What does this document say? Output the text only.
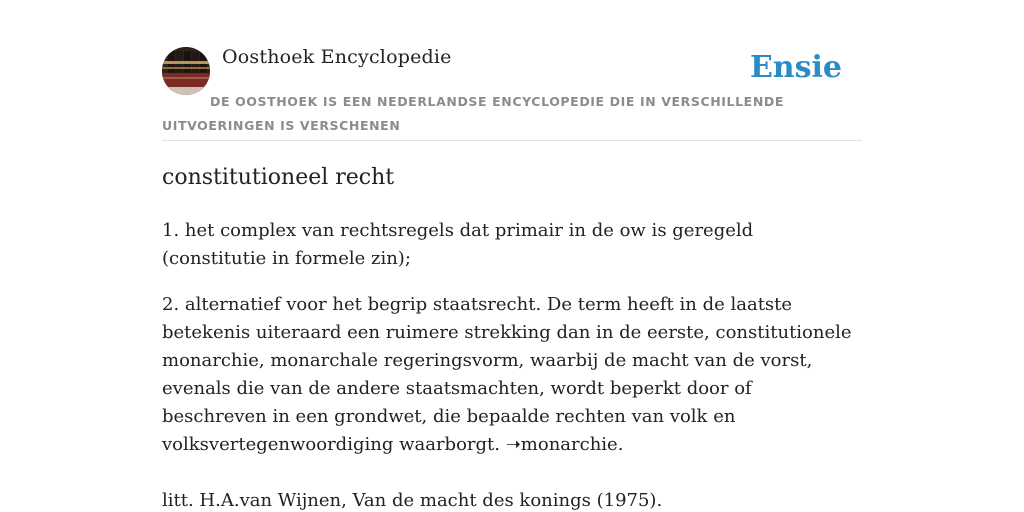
Oosthoek Encyclopedie	Ensie
DE OOSTHOEK IS EEN NEDERLANDSE ENCYCLOPEDIE DIE IN VERSCHILLENDE UITVOERINGEN IS VERSCHENEN
constitutioneel recht

1. het complex van rechtsregels dat primair in de ow is geregeld (constitutie in formele zin);

2. alternatief voor het begrip staatsrecht. De term heeft in de laatste betekenis uiteraard een ruimere strekking dan in de eerste, constitutionele monarchie, monarchale regeringsvorm, waarbij de macht van de vorst, evenals die van de andere staatsmachten, wordt beperkt door of beschreven in een grondwet, die bepaalde rechten van volk en volksvertegenwoordiging waarborgt. ➝monarchie.

litt. H.A.van Wijnen, Van de macht des konings (1975).
